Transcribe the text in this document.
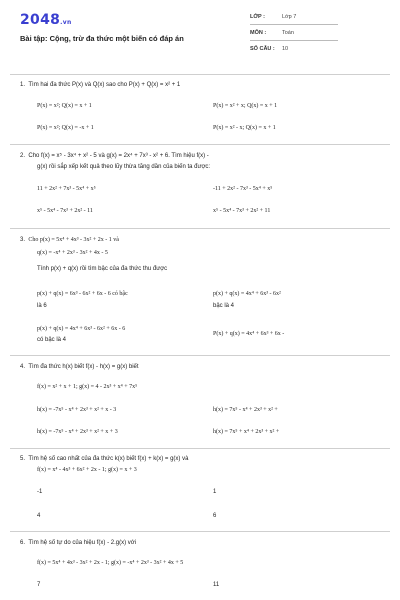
2048.vn
Bài tập: Cộng, trừ đa thức một biến có đáp án
LỚP :	Lớp 7
MÔN :	Toán
SỐ CÂU : 10
1. Tìm hai đa thức P(x) và Q(x) sao cho P(x) + Q(x) = x² + 1
P(x) = x²; Q(x) = x + 1	P(x) = x² + x; Q(x) = x + 1
P(x) = x²; Q(x) = -x + 1	P(x) = x² - x; Q(x) = x + 1
2. Cho f(x) = x⁵ - 3x⁴ + x² - 5 và g(x) = 2x⁴ + 7x³ - x² + 6. Tìm hiệu f(x) -
g(x) rồi sắp xếp kết quả theo lũy thừa tăng dần của biến ta được:
11 + 2x² + 7x³ - 5x⁴ + x⁵	-11 + 2x² - 7x³ - 5x⁴ + x⁵
x⁵ - 5x⁴ - 7x³ + 2x² - 11	x⁵ - 5x⁴ - 7x³ + 2x² + 11
3. Cho p(x) = 5x⁴ + 4x³ - 3x² + 2x - 1 và
q(x) = -x⁴ + 2x³ - 3x² + 4x - 5
Tính p(x) + q(x) rồi tìm bậc của đa thức thu được
p(x) + q(x) = 6x³ - 6x² + 6x - 6 có bậc
là 6
p(x) + q(x) = 4x⁴ + 6x³ - 6x²
bậc là 4
p(x) + q(x) = 4x⁴ + 6x³ - 6x² + 6x - 6
có bậc là 4
P(x) + q(x) = 4x⁴ + 6x³ + 6x -
4. Tìm đa thức h(x) biết f(x) - h(x) = g(x) biết
f(x) = x² + x + 1; g(x) = 4 - 2x³ + x⁴ + 7x⁵
h(x) = -7x⁵ - x⁴ + 2x³ + x² + x - 3	h(x) = 7x⁵ - x⁴ + 2x³ + x² +
h(x) = -7x⁵ - x⁴ + 2x³ + x² + x + 3	h(x) = 7x⁵ + x⁴ + 2x³ + x² +
5. Tìm hệ số cao nhất của đa thức k(x) biết f(x) + k(x) = g(x) và
f(x) = x⁴ - 4x³ + 6x² + 2x - 1; g(x) = x + 3
-1	1
4	6
6. Tìm hệ số tự do của hiệu f(x) - 2.g(x) với
f(x) = 5x⁴ + 4x³ - 3x² + 2x - 1; g(x) = -x⁴ + 2x³ - 3x² + 4x + 5
7	11
